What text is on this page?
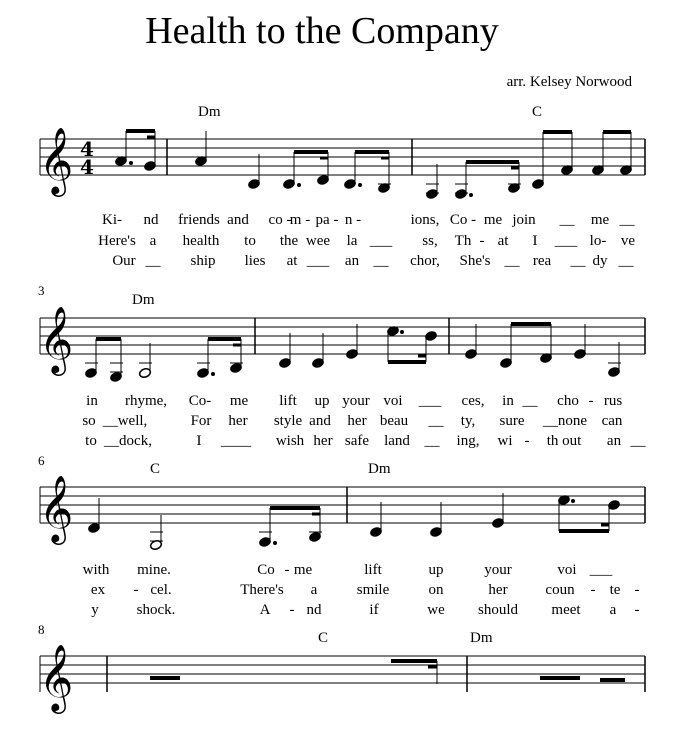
Health to the Company
arr. Kelsey Norwood
Dm	C
Dm
C	Dm
C	Dm
3
6
8
𝄞 4
4
𝄞
𝄞
𝄞
Ki- nd friends and co -
m - pa - n -	ions, Co - me join __ me __
Here's a health to the wee la ___ ss, Th - at I ___ lo- ve
Our __ ship lies at ___ an __ chor, She's __ rea __ dy __
in rhyme, Co- me lift up your voi ___ ces, in __ cho - rus
so __well,	For her style and her beau __ ty, sure __none can
to __dock,	I ____ wish her safe land __ ing, wi - th out an __
with mine.	Co - me	lift	up	your	voi ___
ex - cel.	There's a	smile	on	her	coun - te -
y	shock.	A - nd	if	we should meet a -
